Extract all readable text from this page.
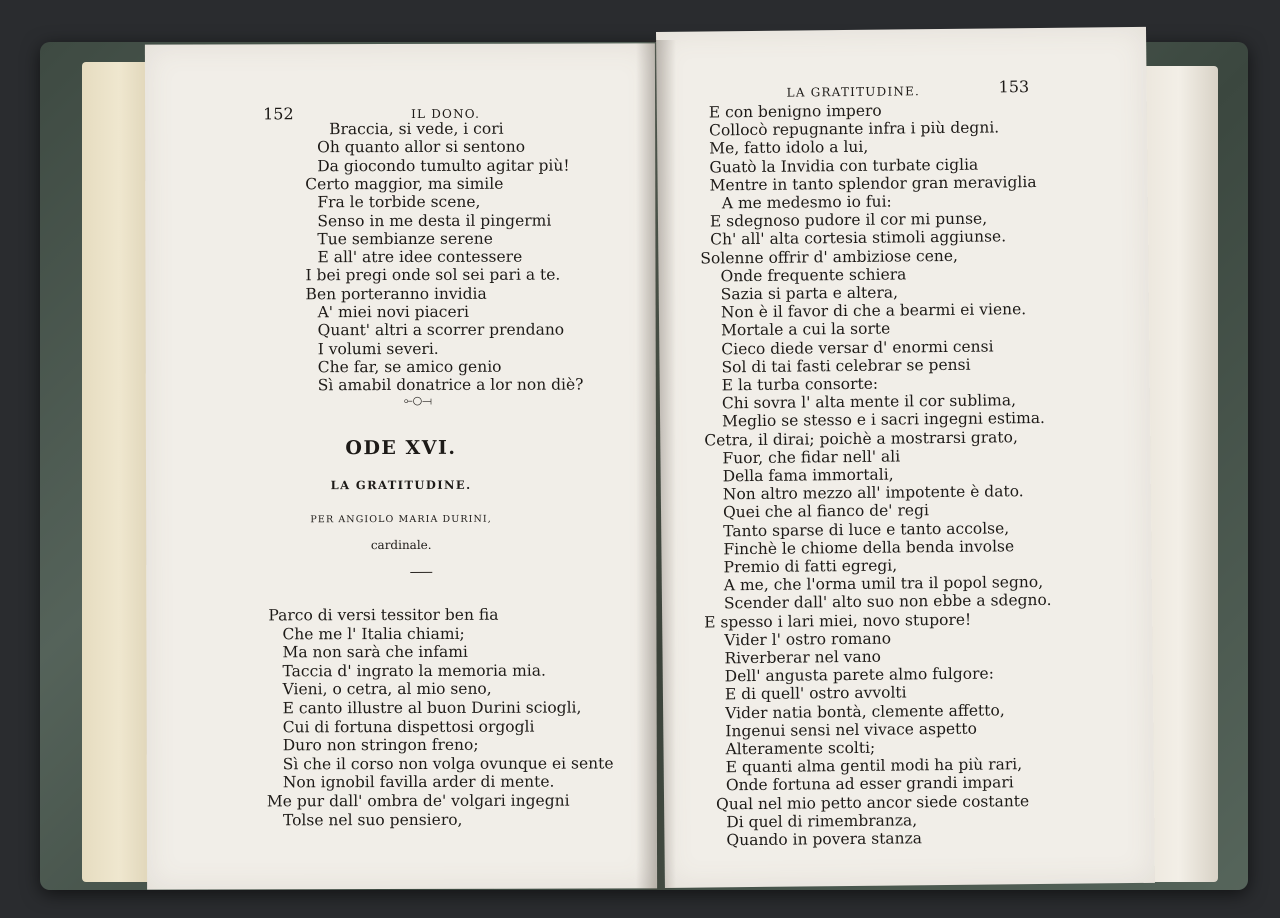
152	IL DONO.

Braccia, si vede, i cori

Oh quanto allor si sentono

Da giocondo tumulto agitar più!

Certo maggior, ma simile

Fra le torbide scene,

Senso in me desta il pingermi

Tue sembianze serene

E all' atre idee contessere

I bei pregi onde sol sei pari a te.

Ben porteranno invidia

A' miei novi piaceri

Quant' altri a scorrer prendano

I volumi severi.

Che far, se amico genio

Sì amabil donatrice a lor non diè?

⟜○⟞

ODE XVI.

LA GRATITUDINE.

PER ANGIOLO MARIA DURINI,

cardinale.

Parco di versi tessitor ben fia

Che me l' Italia chiami;

Ma non sarà che infami

Taccia d' ingrato la memoria mia.

Vieni, o cetra, al mio seno,

E canto illustre al buon Durini sciogli,

Cui di fortuna dispettosi orgogli

Duro non stringon freno;

Sì che il corso non volga ovunque ei sente

Non ignobil favilla arder di mente.

Me pur dall' ombra de' volgari ingegni

Tolse nel suo pensiero,

LA GRATITUDINE.	153

E con benigno impero

Collocò repugnante infra i più degni.

Me, fatto idolo a lui,

Guatò la Invidia con turbate ciglia

Mentre in tanto splendor gran meraviglia

A me medesmo io fui:

E sdegnoso pudore il cor mi punse,

Ch' all' alta cortesia stimoli aggiunse.

Solenne offrir d' ambiziose cene,

Onde frequente schiera

Sazia si parta e altera,

Non è il favor di che a bearmi ei viene.

Mortale a cui la sorte

Cieco diede versar d' enormi censi

Sol di tai fasti celebrar se pensi

E la turba consorte:

Chi sovra l' alta mente il cor sublima,

Meglio se stesso e i sacri ingegni estima.

Cetra, il dirai; poichè a mostrarsi grato,

Fuor, che fidar nell' ali

Della fama immortali,

Non altro mezzo all' impotente è dato.

Quei che al fianco de' regi

Tanto sparse di luce e tanto accolse,

Finchè le chiome della benda involse

Premio di fatti egregi,

A me, che l'orma umil tra il popol segno,

Scender dall' alto suo non ebbe a sdegno.

E spesso i lari miei, novo stupore!

Vider l' ostro romano

Riverberar nel vano

Dell' angusta parete almo fulgore:

E di quell' ostro avvolti

Vider natia bontà, clemente affetto,

Ingenui sensi nel vivace aspetto

Alteramente scolti;

E quanti alma gentil modi ha più rari,

Onde fortuna ad esser grandi impari

Qual nel mio petto ancor siede costante

Di quel di rimembranza,

Quando in povera stanza
